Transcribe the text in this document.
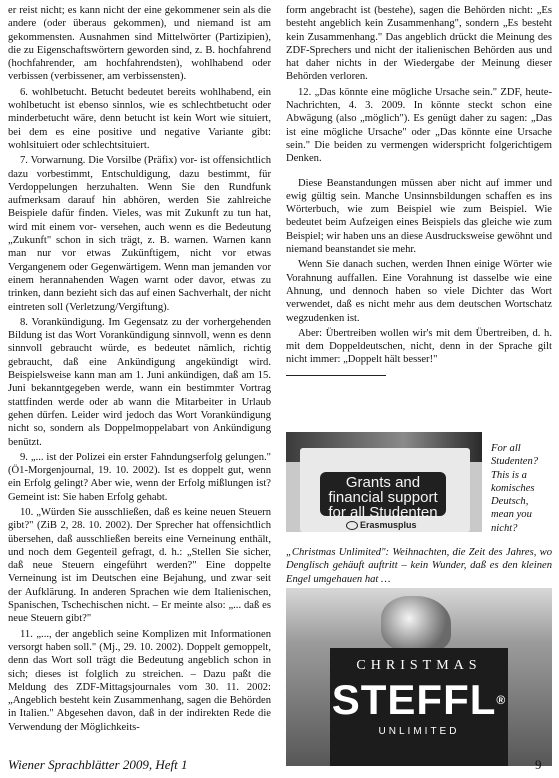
er reist nicht; es kann nicht der eine gekommener sein als die andere (oder überaus gekommen), und niemand ist am gekommensten. Ausnahmen sind Mittelwörter (Partizipien), die zu Eigenschaftswörtern geworden sind, z. B. hochfahrend (hochfahrender, am hochfahrendsten), wohlhabend oder verbissen (verbissener, am verbissensten).

6. wohlbetucht. Betucht bedeutet bereits wohlhabend, ein wohlbetucht ist ebenso sinnlos, wie es schlechtbetucht oder minderbetucht wäre, denn betucht ist kein Wort wie situiert, bei dem es eine positive und negative Variante gibt: wohlsituiert oder schlechtsituiert.

7. Vorwarnung. Die Vorsilbe (Präfix) vor- ist offensichtlich dazu vorbestimmt, Entschuldigung, dazu bestimmt, für Verdoppelungen herzuhalten. Wenn Sie den Rundfunk aufmerksam darauf hin abhören, werden Sie zahlreiche Beispiele dafür finden. Vieles, was mit Zukunft zu tun hat, wird mit einem vor- versehen, auch wenn es die Bedeutung „Zukunft" schon in sich trägt, z. B. warnen. Warnen kann man nur vor etwas Zukünftigem, nicht vor etwas Vergangenem oder Gegenwärtigem. Wenn man jemanden vor einem herannahenden Wagen warnt oder davor, etwas zu trinken, dann bezieht sich das auf einen Sachverhalt, der nicht eintreten soll (Verletzung/Vergiftung).

8. Vorankündigung. Im Gegensatz zu der vorhergehenden Bildung ist das Wort Vorankündigung sinnvoll, wenn es denn sinnvoll gebraucht würde, es bedeutet nämlich, richtig gebraucht, daß eine Ankündigung angekündigt wird. Beispielsweise kann man am 1. Juni ankündigen, daß am 15. Juni bekanntgegeben werde, wann ein bestimmter Vortrag stattfinden werde oder ab wann die Mitarbeiter in Urlaub gehen dürfen. Leider wird jedoch das Wort Vorankündigung nicht so, sondern als Doppelmoppelabart von Ankündigung benützt.

9. „... ist der Polizei ein erster Fahndungserfolg gelungen." (Ö1-Morgenjournal, 19. 10. 2002). Ist es doppelt gut, wenn ein Erfolg gelingt? Aber wie, wenn der Erfolg mißlungen ist? Gemeint ist: Sie haben Erfolg gehabt.

10. „Würden Sie ausschließen, daß es keine neuen Steuern gibt?" (ZiB 2, 28. 10. 2002). Der Sprecher hat offensichtlich übersehen, daß ausschließen bereits eine Verneinung enthält, und noch dem Gegenteil gefragt, d. h.: „Stellen Sie sicher, daß neue Steuern eingeführt werden?" Eine doppelte Verneinung ist im Deutschen eine Bejahung, und zwar seit der Aufklärung. In anderen Sprachen wie dem Italienischen, Spanischen, Tschechischen nicht. – Er meinte also: „... daß es neue Steuern gibt?"

11. „..., der angeblich seine Komplizen mit Informationen versorgt haben soll." (Mj., 29. 10. 2002). Doppelt gemoppelt, denn das Wort soll trägt die Bedeutung angeblich schon in sich; dieses ist folglich zu streichen. – Dazu paßt die Meldung des ZDF-Mittagsjournales vom 30. 11. 2002: „Angeblich besteht kein Zusammenhang, sagen die Behörden in Italien." Abgesehen davon, daß in der indirekten Rede die Verwendung der Möglichkeits-

form angebracht ist (bestehe), sagen die Behörden nicht: „Es besteht angeblich kein Zusammenhang", sondern „Es besteht kein Zusammenhang." Das angeblich drückt die Meinung des ZDF-Sprechers und nicht der italienischen Behörden aus und hat daher nichts in der Wiedergabe der Meinung dieser Behörden verloren.

12. „Das könnte eine mögliche Ursache sein." ZDF, heute-Nachrichten, 4. 3. 2009. In könnte steckt schon eine Abwägung (also „möglich"). Es genügt daher zu sagen: „Das ist eine mögliche Ursache" oder „Das könnte eine Ursache sein." Die beiden zu vermengen widerspricht folgerichtigem Denken.

Diese Beanstandungen müssen aber nicht auf immer und ewig gültig sein. Manche Unsinnsbildungen schaffen es ins Wörterbuch, wie zum Beispiel wie zum Beispiel. Wie bedeutet beim Aufzeigen eines Beispiels das gleiche wie zum Beispiel; wir haben uns an diese Ausdrucksweise gewöhnt und niemand beanstandet sie mehr.

Wenn Sie danach suchen, werden Ihnen einige Wörter wie Vorahnung auffallen. Eine Vorahnung ist dasselbe wie eine Ahnung, und dennoch haben so viele Dichter das Wort verwendet, daß es nicht mehr aus dem deutschen Wortschatz wegzudenken ist.

Aber: Übertreiben wollen wir's mit dem Übertreiben, d. h. mit dem Doppeldeutschen, nicht, denn in der Sprache gilt nicht immer: „Doppelt hält besser!"

Grants and
financial support
for all Studenten
Erasmusplus
For all Studenten? This is a komisches Deutsch, mean you nicht?
„Christmas Unlimited": Weihnachten, die Zeit des Jahres, wo Denglisch gehäuft auftritt – kein Wunder, daß es den kleinen Engel umgehauen hat …
CHRISTMAS
STEFFL®
UNLIMITED
Wiener Sprachblätter 2009, Heft 1	9
